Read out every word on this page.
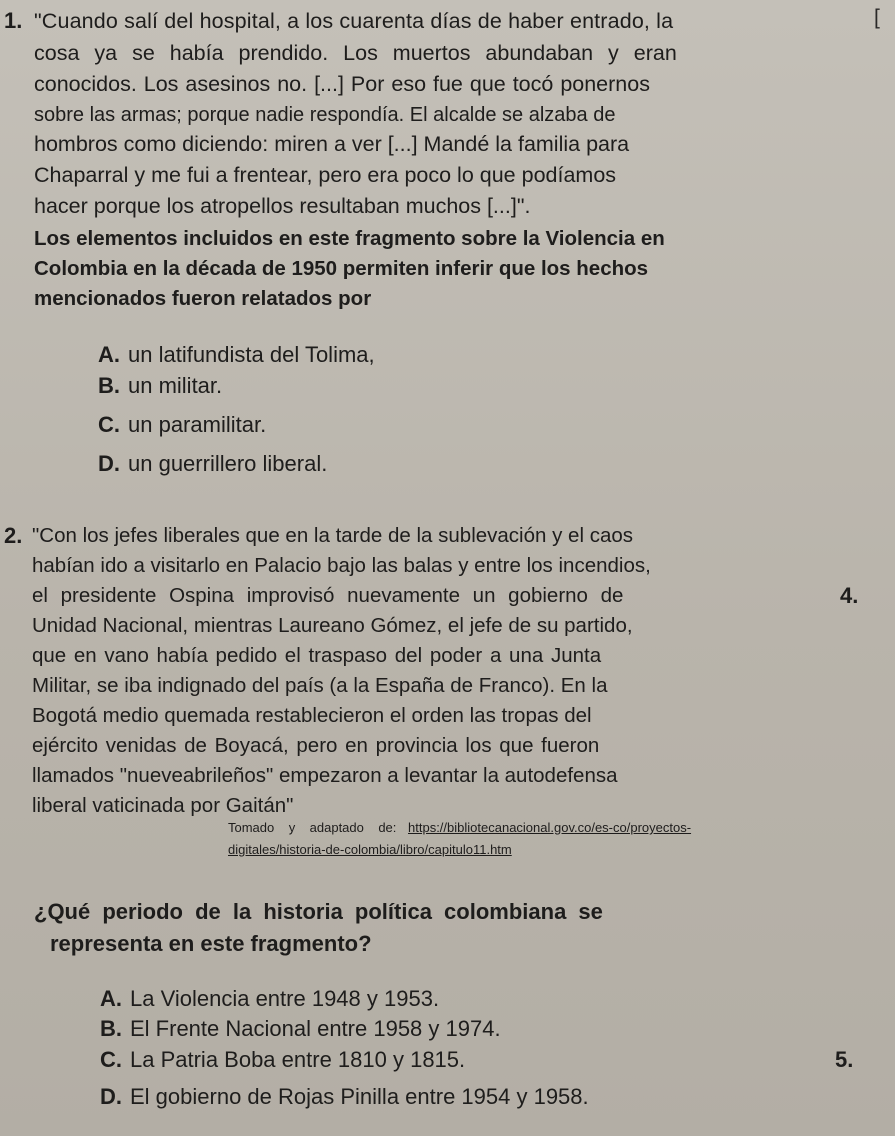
1. "Cuando salí del hospital, a los cuarenta días de haber entrado, la
cosa ya se había prendido. Los muertos abundaban y eran
conocidos. Los asesinos no. [...] Por eso fue que tocó ponernos
sobre las armas; porque nadie respondía. El alcalde se alzaba de
hombros como diciendo: miren a ver [...] Mandé la familia para
Chaparral y me fui a frentear, pero era poco lo que podíamos
hacer porque los atropellos resultaban muchos [...]".
Los elementos incluidos en este fragmento sobre la Violencia en
Colombia en la década de 1950 permiten inferir que los hechos
mencionados fueron relatados por
A. un latifundista del Tolima,
B. un militar.
C. un paramilitar.
D. un guerrillero liberal.
2. "Con los jefes liberales que en la tarde de la sublevación y el caos
habían ido a visitarlo en Palacio bajo las balas y entre los incendios,
el presidente Ospina improvisó nuevamente un gobierno de
Unidad Nacional, mientras Laureano Gómez, el jefe de su partido,
que en vano había pedido el traspaso del poder a una Junta
Militar, se iba indignado del país (a la España de Franco). En la
Bogotá medio quemada restablecieron el orden las tropas del
ejército venidas de Boyacá, pero en provincia los que fueron
llamados "nueveabrileños" empezaron a levantar la autodefensa
liberal vaticinada por Gaitán"
Tomado    y    adaptado    de: https://bibliotecanacional.gov.co/es-co/proyectos-
digitales/historia-de-colombia/libro/capitulo11.htm
¿Qué periodo de la historia política colombiana se
representa en este fragmento?
A. La Violencia entre 1948 y 1953.
B. El Frente Nacional entre 1958 y 1974.
C. La Patria Boba entre 1810 y 1815.
D. El gobierno de Rojas Pinilla entre 1954 y 1958.
[
4.
5.
